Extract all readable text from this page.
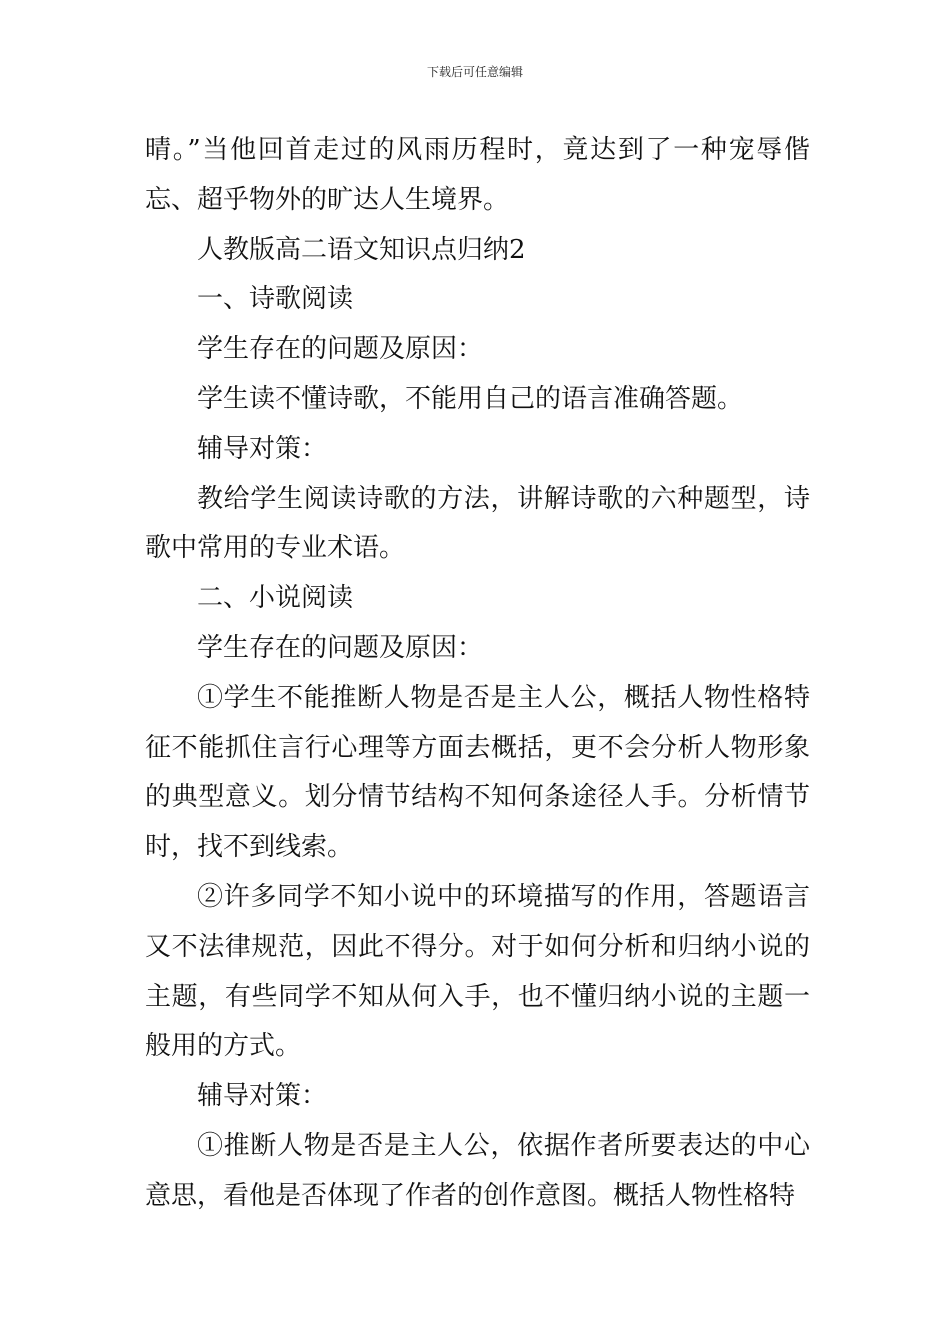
下载后可任意编辑

晴。”当他回首走过的风雨历程时，竟达到了一种宠辱偕忘、超乎物外的旷达人生境界。

人教版高二语文知识点归纳2

一、诗歌阅读

学生存在的问题及原因：

学生读不懂诗歌，不能用自己的语言准确答题。

辅导对策：

教给学生阅读诗歌的方法，讲解诗歌的六种题型，诗歌中常用的专业术语。

二、小说阅读

学生存在的问题及原因：

①学生不能推断人物是否是主人公，概括人物性格特征不能抓住言行心理等方面去概括，更不会分析人物形象的典型意义。划分情节结构不知何条途径人手。分析情节时，找不到线索。

②许多同学不知小说中的环境描写的作用，答题语言又不法律规范，因此不得分。对于如何分析和归纳小说的主题，有些同学不知从何入手，也不懂归纳小说的主题一般用的方式。

辅导对策：

①推断人物是否是主人公，依据作者所要表达的中心意思，看他是否体现了作者的创作意图。概括人物性格特
